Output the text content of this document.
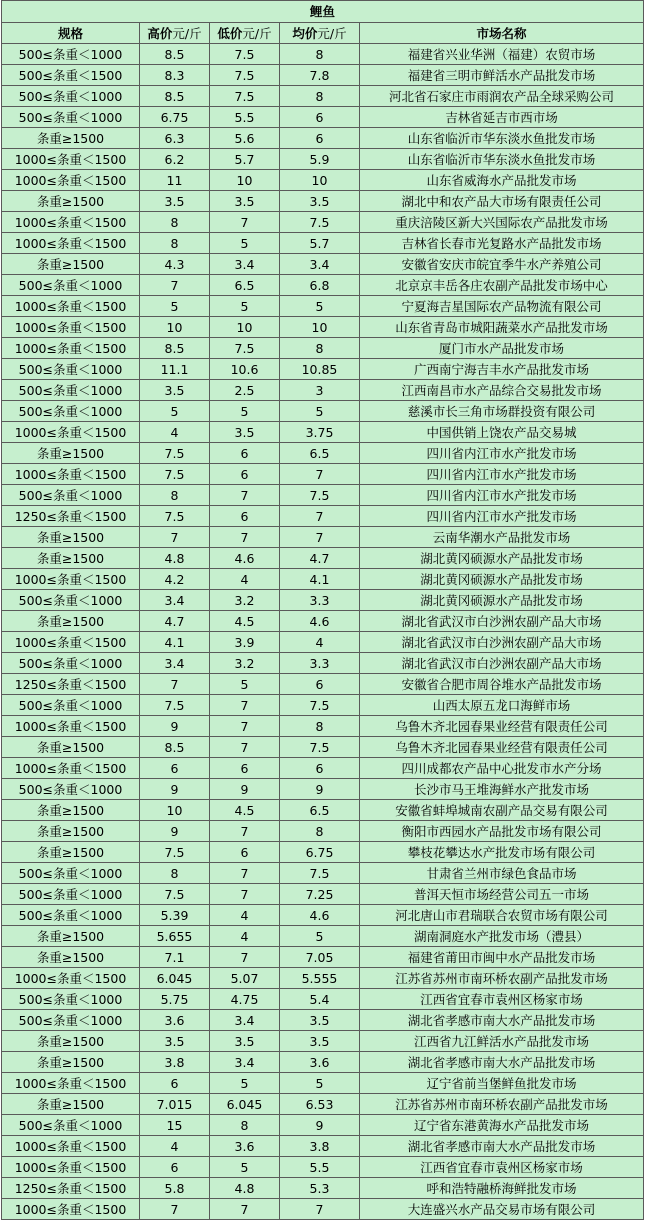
鲤鱼				
规格	高价元/斤	低价元/斤	均价元/斤	市场名称
500≤条重＜1000	8.5	7.5	8	福建省兴业华洲（福建）农贸市场
500≤条重＜1500	8.3	7.5	7.8	福建省三明市鲜活水产品批发市场
500≤条重＜1000	8.5	7.5	8	河北省石家庄市雨润农产品全球采购公司
500≤条重＜1000	6.75	5.5	6	吉林省延吉市西市场
条重≥1500	6.3	5.6	6	山东省临沂市华东淡水鱼批发市场
1000≤条重＜1500	6.2	5.7	5.9	山东省临沂市华东淡水鱼批发市场
1000≤条重＜1500	11	10	10	山东省威海水产品批发市场
条重≥1500	3.5	3.5	3.5	湖北中和农产品大市场有限责任公司
1000≤条重＜1500	8	7	7.5	重庆涪陵区新大兴国际农产品批发市场
1000≤条重＜1500	8	5	5.7	吉林省长春市光复路水产品批发市场
条重≥1500	4.3	3.4	3.4	安徽省安庆市皖宜季牛水产养殖公司
500≤条重＜1000	7	6.5	6.8	北京京丰岳各庄农副产品批发市场中心
1000≤条重＜1500	5	5	5	宁夏海吉星国际农产品物流有限公司
1000≤条重＜1500	10	10	10	山东省青岛市城阳蔬菜水产品批发市场
1000≤条重＜1500	8.5	7.5	8	厦门市水产品批发市场
500≤条重＜1000	11.1	10.6	10.85	广西南宁海吉丰水产品批发市场
500≤条重＜1000	3.5	2.5	3	江西南昌市水产品综合交易批发市场
500≤条重＜1000	5	5	5	慈溪市长三角市场群投资有限公司
1000≤条重＜1500	4	3.5	3.75	中国供销上饶农产品交易城
条重≥1500	7.5	6	6.5	四川省内江市水产批发市场
1000≤条重＜1500	7.5	6	7	四川省内江市水产批发市场
500≤条重＜1000	8	7	7.5	四川省内江市水产批发市场
1250≤条重＜1500	7.5	6	7	四川省内江市水产批发市场
条重≥1500	7	7	7	云南华潮水产品批发市场
条重≥1500	4.8	4.6	4.7	湖北黄冈硕源水产品批发市场
1000≤条重＜1500	4.2	4	4.1	湖北黄冈硕源水产品批发市场
500≤条重＜1000	3.4	3.2	3.3	湖北黄冈硕源水产品批发市场
条重≥1500	4.7	4.5	4.6	湖北省武汉市白沙洲农副产品大市场
1000≤条重＜1500	4.1	3.9	4	湖北省武汉市白沙洲农副产品大市场
500≤条重＜1000	3.4	3.2	3.3	湖北省武汉市白沙洲农副产品大市场
1250≤条重＜1500	7	5	6	安徽省合肥市周谷堆水产品批发市场
500≤条重＜1000	7.5	7	7.5	山西太原五龙口海鲜市场
1000≤条重＜1500	9	7	8	乌鲁木齐北园春果业经营有限责任公司
条重≥1500	8.5	7	7.5	乌鲁木齐北园春果业经营有限责任公司
1000≤条重＜1500	6	6	6	四川成都农产品中心批发市水产分场
500≤条重＜1000	9	9	9	长沙市马王堆海鲜水产批发市场
条重≥1500	10	4.5	6.5	安徽省蚌埠城南农副产品交易有限公司
条重≥1500	9	7	8	衡阳市西园水产品批发市场有限公司
条重≥1500	7.5	6	6.75	攀枝花攀达水产批发市场有限公司
500≤条重＜1000	8	7	7.5	甘肃省兰州市绿色食品市场
500≤条重＜1000	7.5	7	7.25	普洱天恒市场经营公司五一市场
500≤条重＜1000	5.39	4	4.6	河北唐山市君瑞联合农贸市场有限公司
条重≥1500	5.655	4	5	湖南洞庭水产批发市场（澧县）
条重≥1500	7.1	7	7.05	福建省莆田市闽中水产品批发市场
1000≤条重＜1500	6.045	5.07	5.555	江苏省苏州市南环桥农副产品批发市场
500≤条重＜1000	5.75	4.75	5.4	江西省宜春市袁州区杨家市场
500≤条重＜1000	3.6	3.4	3.5	湖北省孝感市南大水产品批发市场
条重≥1500	3.5	3.5	3.5	江西省九江鲜活水产品批发市场
条重≥1500	3.8	3.4	3.6	湖北省孝感市南大水产品批发市场
1000≤条重＜1500	6	5	5	辽宁省前当堡鲜鱼批发市场
条重≥1500	7.015	6.045	6.53	江苏省苏州市南环桥农副产品批发市场
500≤条重＜1000	15	8	9	辽宁省东港黄海水产品批发市场
1000≤条重＜1500	4	3.6	3.8	湖北省孝感市南大水产品批发市场
1000≤条重＜1500	6	5	5.5	江西省宜春市袁州区杨家市场
1250≤条重＜1500	5.8	4.8	5.3	呼和浩特融桥海鲜批发市场
1000≤条重＜1500	7	7	7	大连盛兴水产品交易市场有限公司
